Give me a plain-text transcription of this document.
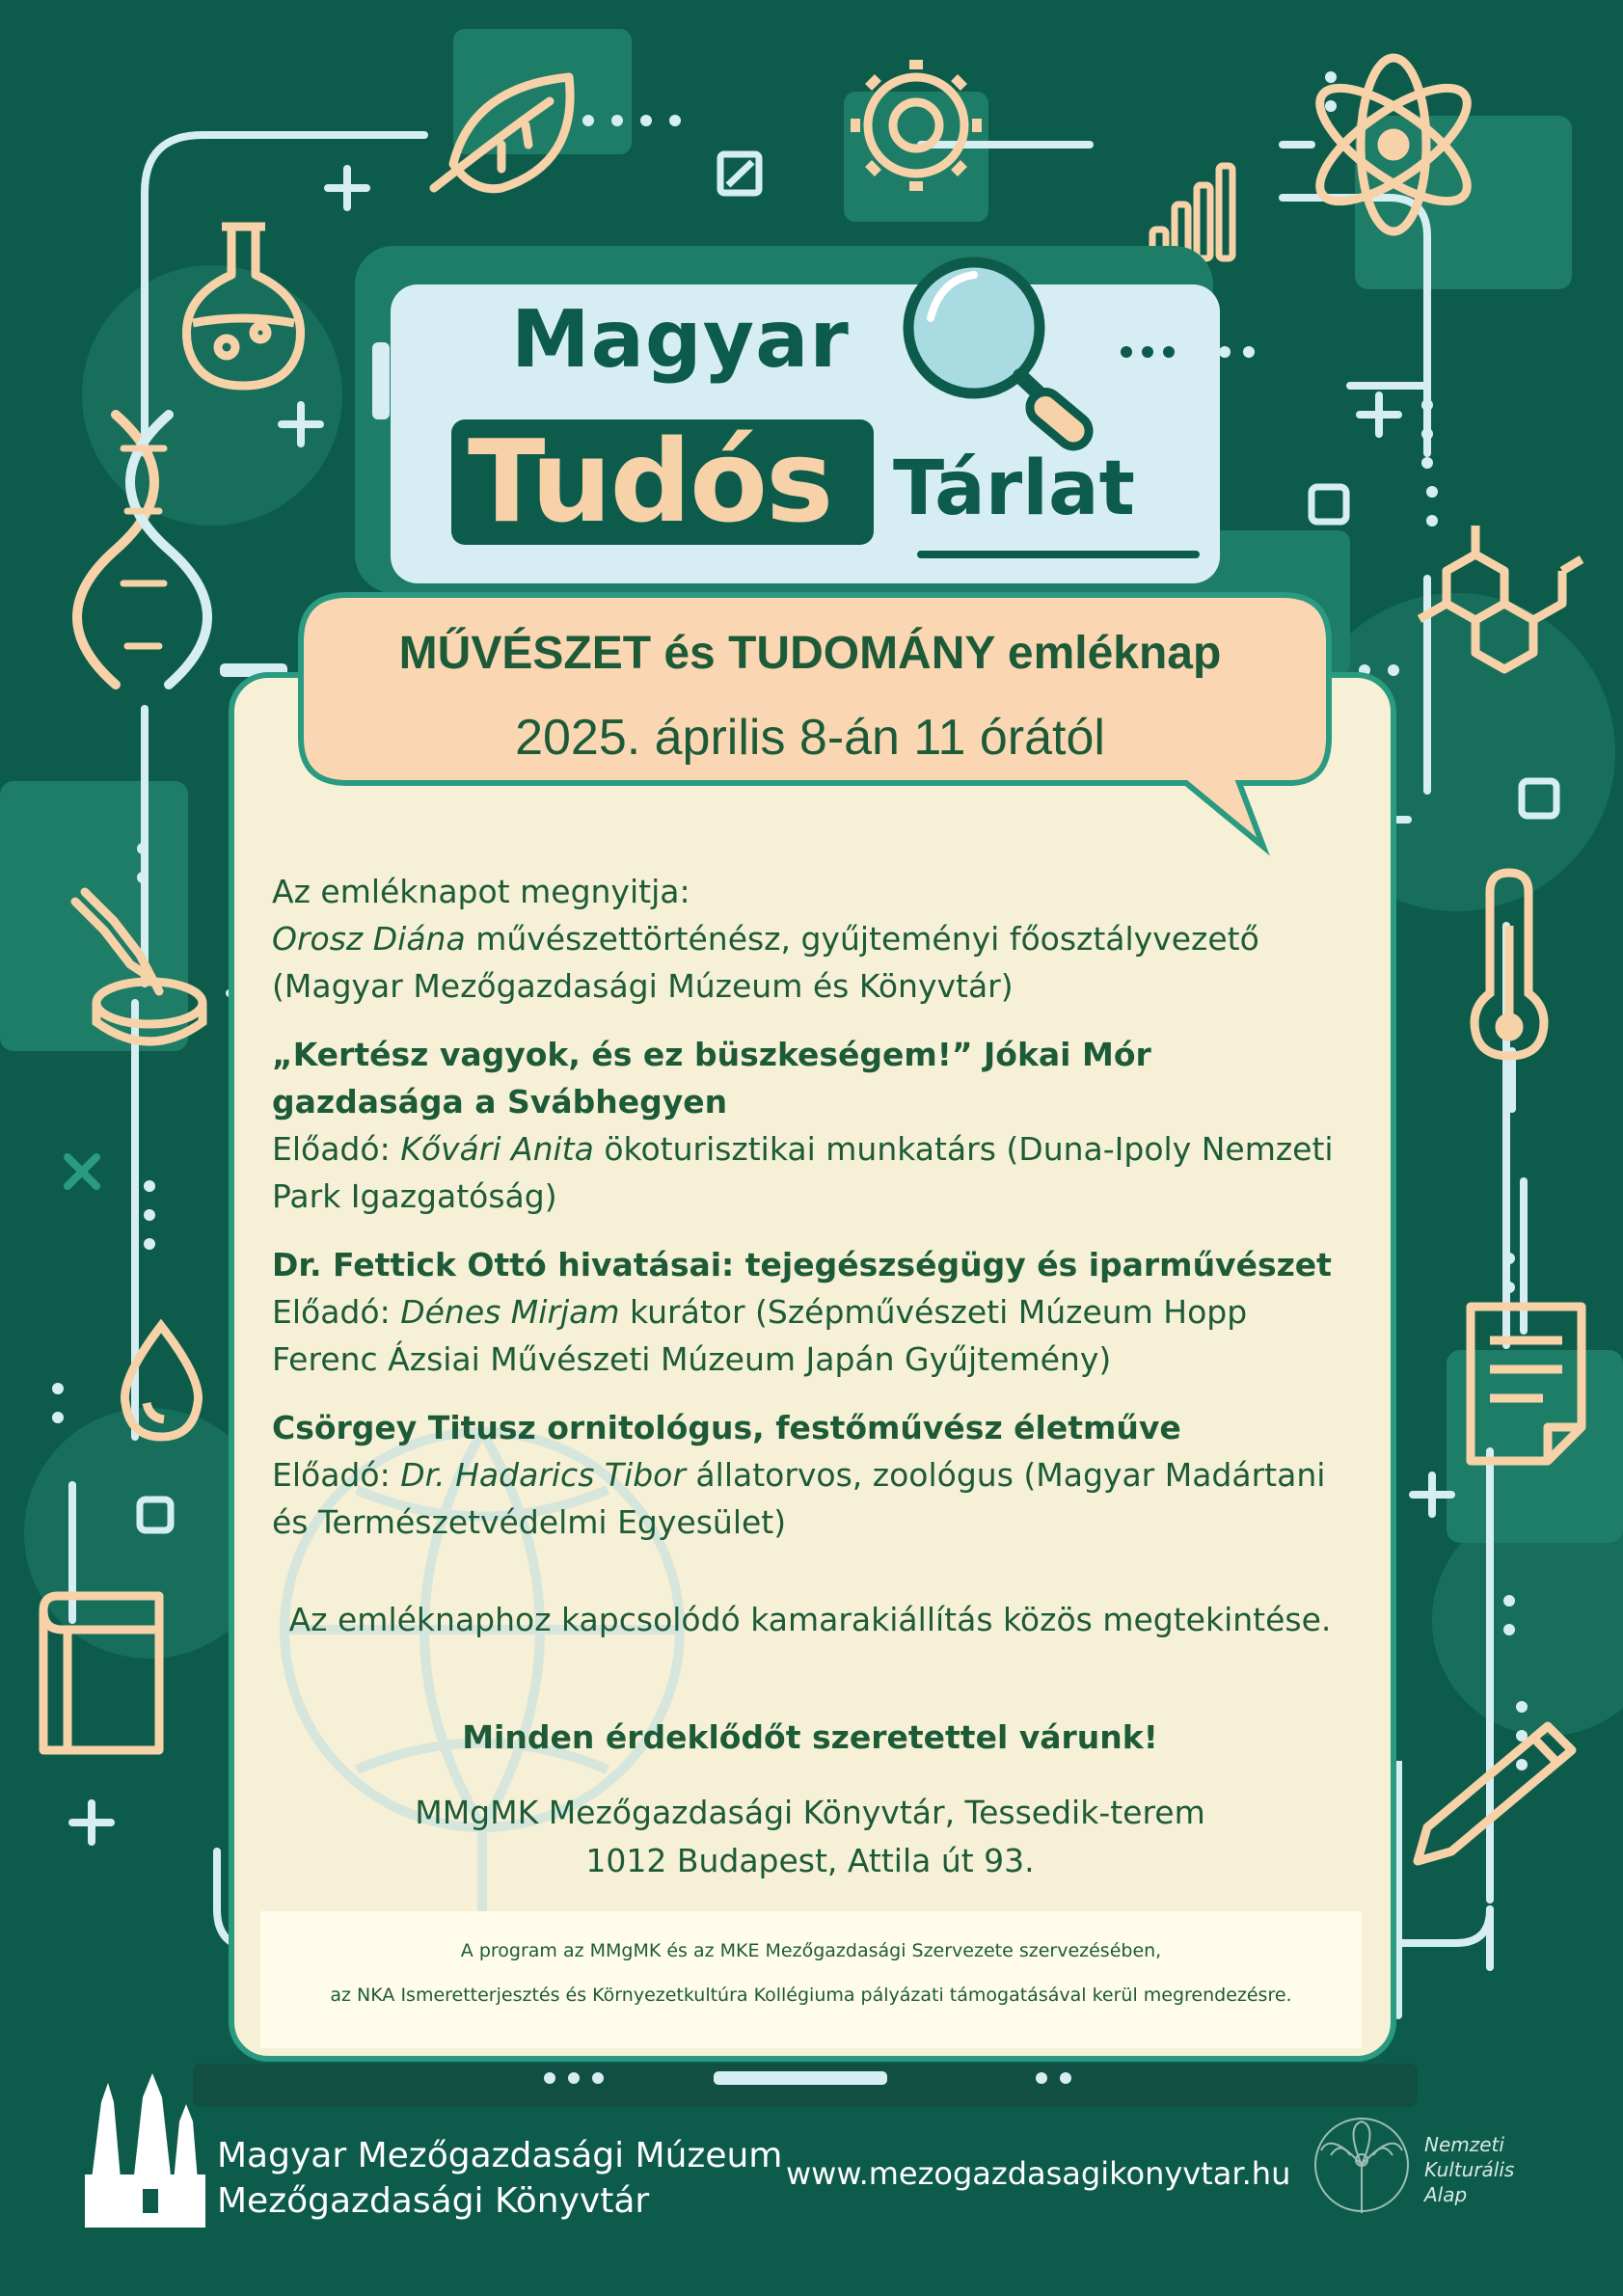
Magyar
Tudós Tárlat
MŰVÉSZET és TUDOMÁNY emléknap
2025. április 8-án 11 órától

Az emléknapot megnyitja:

Orosz Diána művészettörténész, gyűjteményi főosztályvezető

(Magyar Mezőgazdasági Múzeum és Könyvtár)

„Kertész vagyok, és ez büszkeségem!” Jókai Mór gazdasága a Svábhegyen

Előadó: Kővári Anita ökoturisztikai munkatárs (Duna-Ipoly Nemzeti Park Igazgatóság)

Dr. Fettick Ottó hivatásai: tejegészségügy és iparművészet

Előadó: Dénes Mirjam kurátor (Szépművészeti Múzeum Hopp Ferenc Ázsiai Művészeti Múzeum Japán Gyűjtemény)

Csörgey Titusz ornitológus, festőművész életműve

Előadó: Dr. Hadarics Tibor állatorvos, zoológus (Magyar Madártani és Természetvédelmi Egyesület)

Az emléknaphoz kapcsolódó kamarakiállítás közös megtekintése.
Minden érdeklődőt szeretettel várunk!
MMgMK Mezőgazdasági Könyvtár, Tessedik-terem
1012 Budapest, Attila út 93.

A program az MMgMK és az MKE Mezőgazdasági Szervezete szervezésében,

az NKA Ismeretterjesztés és Környezetkultúra Kollégiuma pályázati támogatásával kerül megrendezésre.

Magyar Mezőgazdasági Múzeum
Mezőgazdasági Könyvtár
www.mezogazdasagikonyvtar.hu
Nemzeti
Kulturális
Alap
